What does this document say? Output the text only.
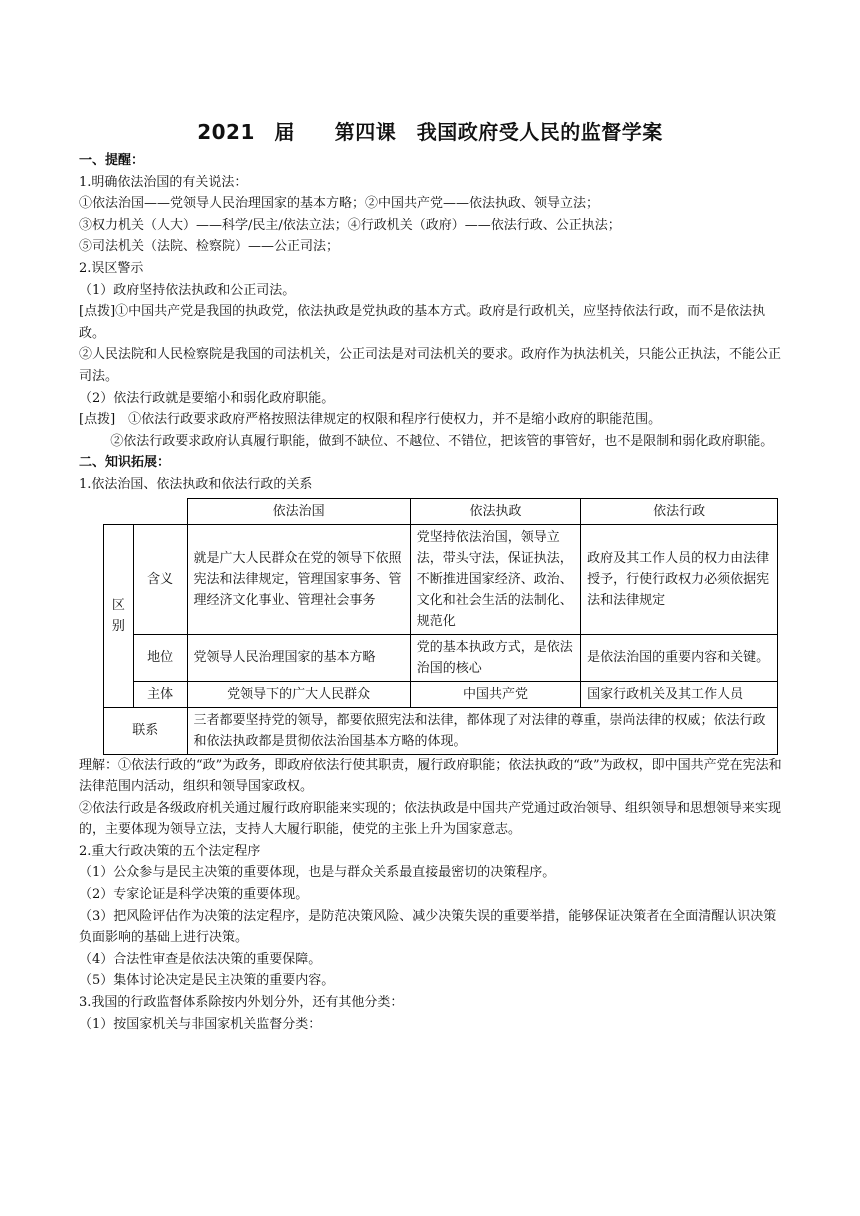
2021 届　 第四课　我国政府受人民的监督学案

一、提醒：

1.明确依法治国的有关说法：

①依法治国——党领导人民治理国家的基本方略；②中国共产党——依法执政、领导立法；

③权力机关（人大）——科学/民主/依法立法；④行政机关（政府）——依法行政、公正执法；

⑤司法机关（法院、检察院）——公正司法；

2.误区警示

（1）政府坚持依法执政和公正司法。

[点拨]①中国共产党是我国的执政党，依法执政是党执政的基本方式。政府是行政机关，应坚持依法行政，而不是依法执政。

②人民法院和人民检察院是我国的司法机关，公正司法是对司法机关的要求。政府作为执法机关，只能公正执法，不能公正司法。

（2）依法行政就是要缩小和弱化政府职能。

[点拨]　①依法行政要求政府严格按照法律规定的权限和程序行使权力，并不是缩小政府的职能范围。

②依法行政要求政府认真履行职能，做到不缺位、不越位、不错位，把该管的事管好，也不是限制和弱化政府职能。

二、知识拓展：

1.依法治国、依法执政和依法行政的关系

		依法治国	依法执政	依法行政
区别	含义	就是广大人民群众在党的领导下依照宪法和法律规定，管理国家事务、管理经济文化事业、管理社会事务	党坚持依法治国，领导立法，带头守法，保证执法，不断推进国家经济、政治、文化和社会生活的法制化、规范化	政府及其工作人员的权力由法律授予，行使行政权力必须依据宪法和法律规定
	地位	党领导人民治理国家的基本方略	党的基本执政方式，是依法治国的核心	是依法治国的重要内容和关键。
	主体	党领导下的广大人民群众	中国共产党	国家行政机关及其工作人员
联系		三者都要坚持党的领导，都要依照宪法和法律，都体现了对法律的尊重，崇尚法律的权威；依法行政和依法执政都是贯彻依法治国基本方略的体现。		

理解：①依法行政的“政”为政务，即政府依法行使其职责，履行政府职能；依法执政的“政”为政权，即中国共产党在宪法和法律范围内活动，组织和领导国家政权。

②依法行政是各级政府机关通过履行政府职能来实现的；依法执政是中国共产党通过政治领导、组织领导和思想领导来实现的，主要体现为领导立法，支持人大履行职能，使党的主张上升为国家意志。

2.重大行政决策的五个法定程序

（1）公众参与是民主决策的重要体现，也是与群众关系最直接最密切的决策程序。

（2）专家论证是科学决策的重要体现。

（3）把风险评估作为决策的法定程序，是防范决策风险、减少决策失误的重要举措，能够保证决策者在全面清醒认识决策负面影响的基础上进行决策。

（4）合法性审查是依法决策的重要保障。

（5）集体讨论决定是民主决策的重要内容。

3.我国的行政监督体系除按内外划分外，还有其他分类：

（1）按国家机关与非国家机关监督分类：
